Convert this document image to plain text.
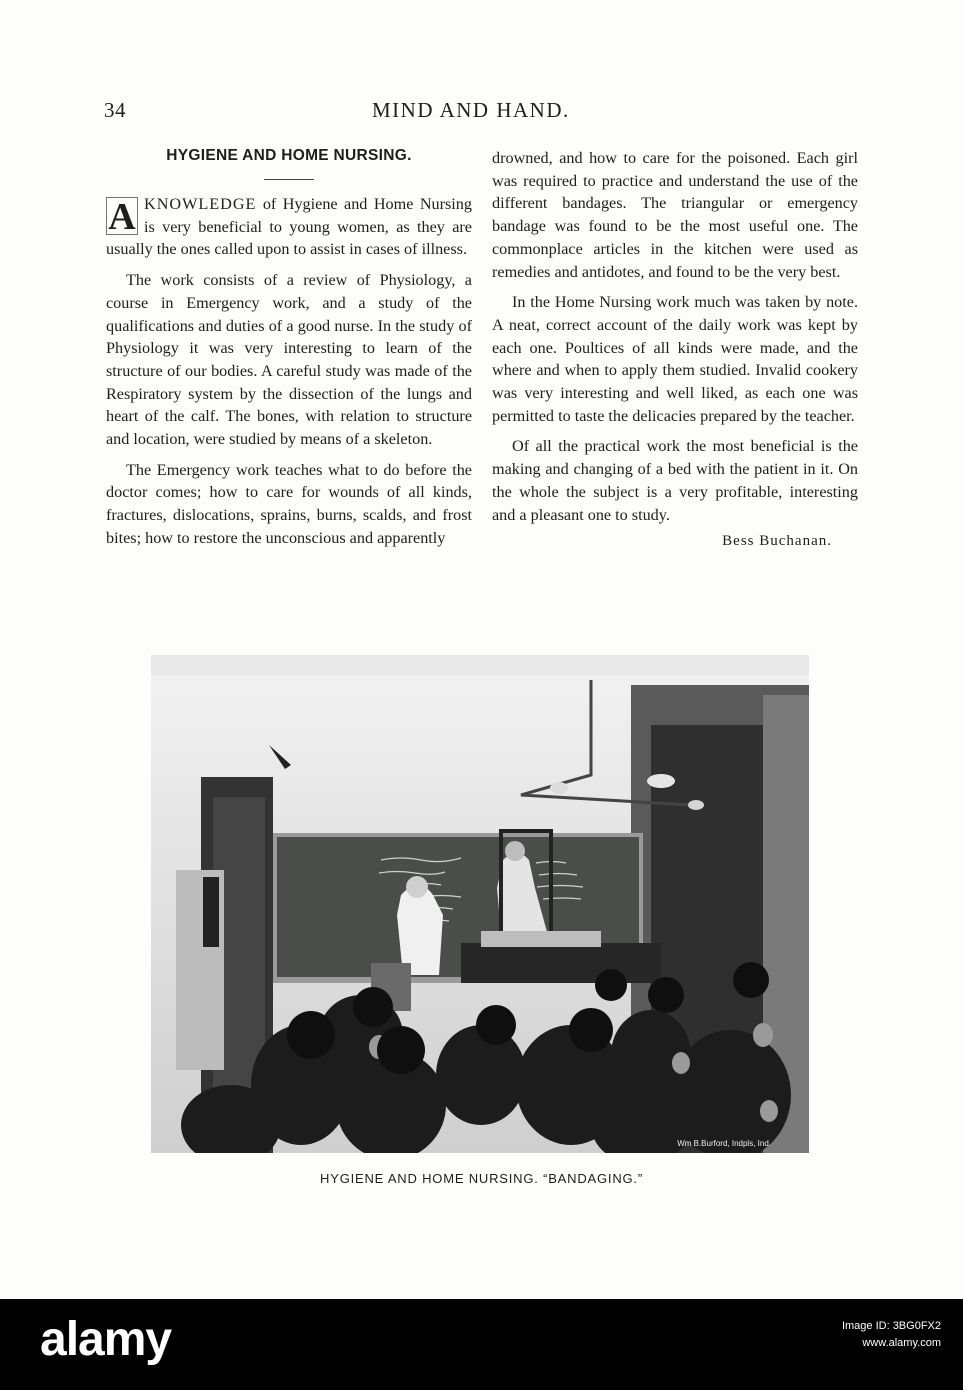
34	MIND AND HAND.
HYGIENE AND HOME NURSING.

AKNOWLEDGE of Hygiene and Home Nursing is very beneficial to young women, as they are usually the ones called upon to assist in cases of illness.

The work consists of a review of Physiology, a course in Emergency work, and a study of the qualifications and duties of a good nurse. In the study of Physiology it was very interesting to learn of the structure of our bodies. A careful study was made of the Respiratory system by the dissection of the lungs and heart of the calf. The bones, with relation to structure and location, were studied by means of a skeleton.

The Emergency work teaches what to do before the doctor comes; how to care for wounds of all kinds, fractures, dislocations, sprains, burns, scalds, and frost bites; how to restore the unconscious and apparently

drowned, and how to care for the poisoned. Each girl was required to practice and understand the use of the different bandages. The triangular or emergency bandage was found to be the most useful one. The commonplace articles in the kitchen were used as remedies and antidotes, and found to be the very best.

In the Home Nursing work much was taken by note. A neat, correct account of the daily work was kept by each one. Poultices of all kinds were made, and the where and when to apply them studied. Invalid cookery was very interesting and well liked, as each one was permitted to taste the delicacies prepared by the teacher.

Of all the practical work the most beneficial is the making and changing of a bed with the patient in it. On the whole the subject is a very profitable, interesting and a pleasant one to study.

Bess Buchanan.
Wm B.Burford, Indpls, Ind.
HYGIENE AND HOME NURSING. “BANDAGING.”
alamy	Image ID: 3BG0FX2
www.alamy.com
